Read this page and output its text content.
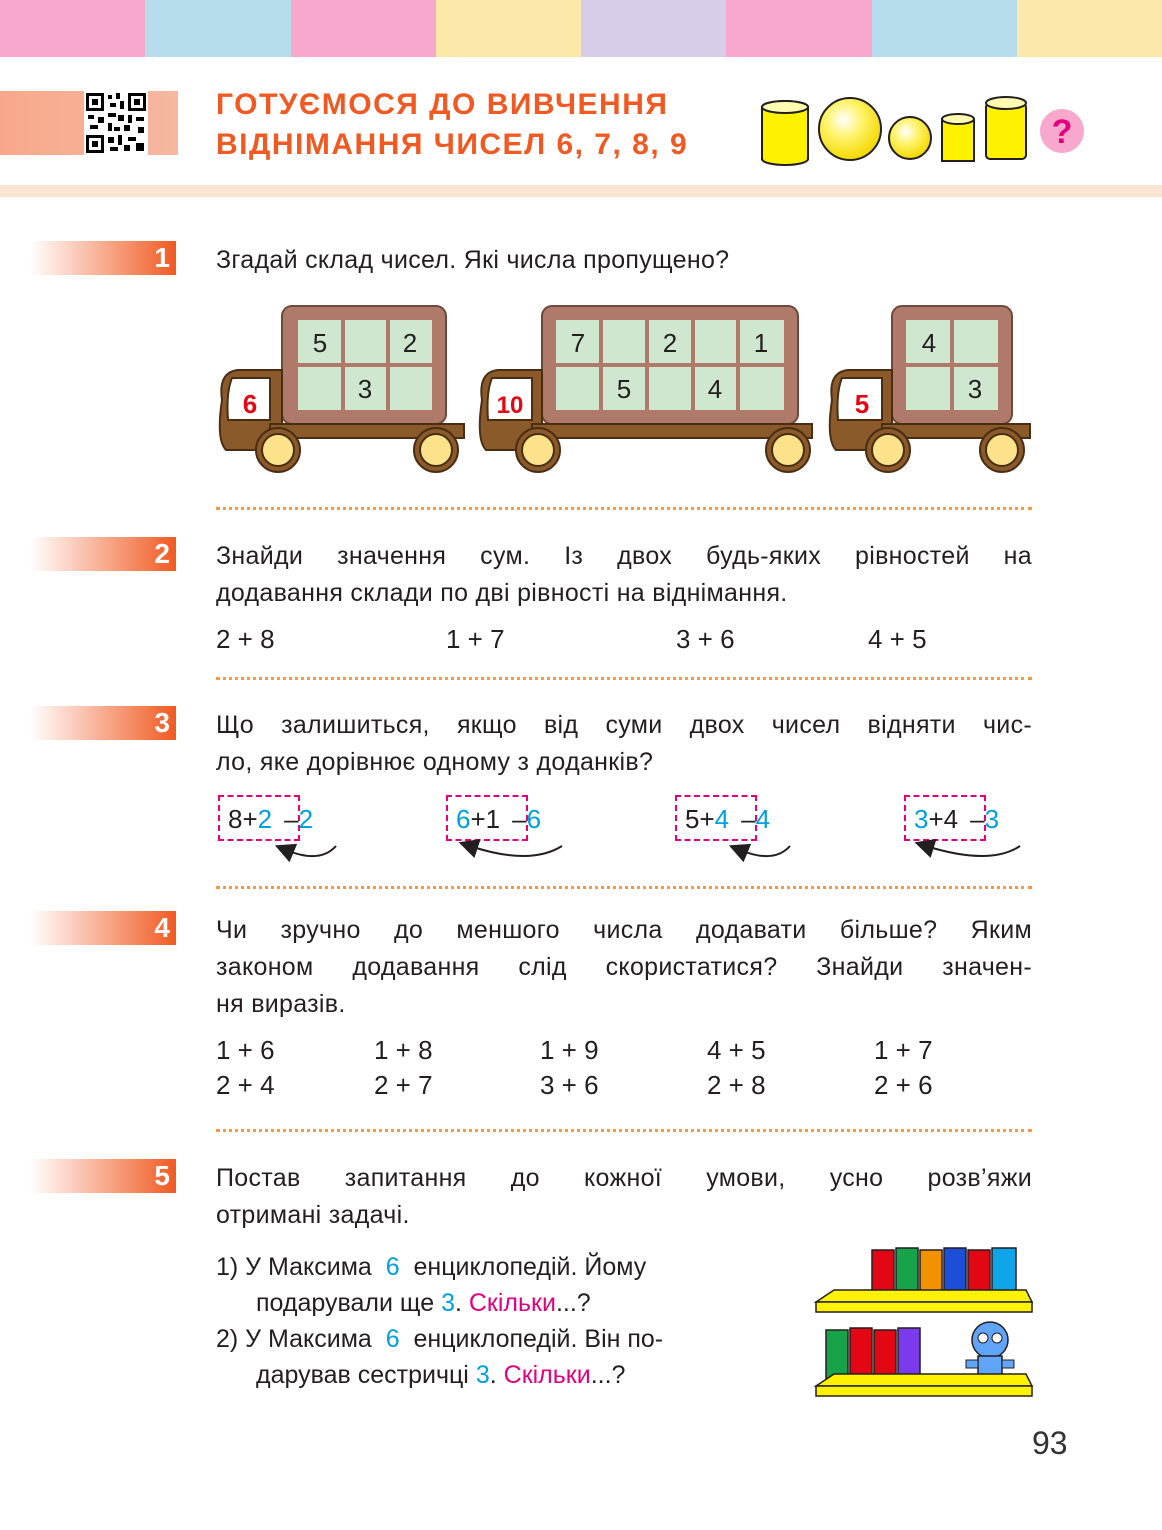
ГОТУЄМОСЯ ДО ВИВЧЕННЯ
ВІДНІМАННЯ ЧИСЕЛ 6, 7, 8, 9	?
1 Згадай склад чисел. Які числа пропущено?
6
5	2
3
10
7	2	1
5	4	5
4
3
2 Знайди значення сум. Із двох будь-яких рівностей на
додавання склади по дві рівності на віднімання.
2 + 8	1 + 7	3 + 6	4 + 5
3 Що залишиться, якщо від суми двох чисел відняти чис-
ло, яке дорівнює одному з доданків?
8+2 –2	6+1 –6	5+4 –4	3+4 –3
4 Чи зручно до меншого числа додавати більше? Яким
законом додавання слід скористатися? Знайди значен-
ня виразів.
1 + 6	1 + 8	1 + 9	4 + 5	1 + 7
2 + 4	2 + 7	3 + 6	2 + 8	2 + 6
5 Постав запитання до кожної умови, усно розв’яжи
отримані задачі.
1) У Максима 6 енциклопедій. Йому
подарували ще 3. Скільки...?
2) У Максима 6 енциклопедій. Він по-
дарував сестричці 3. Скільки...?
93
